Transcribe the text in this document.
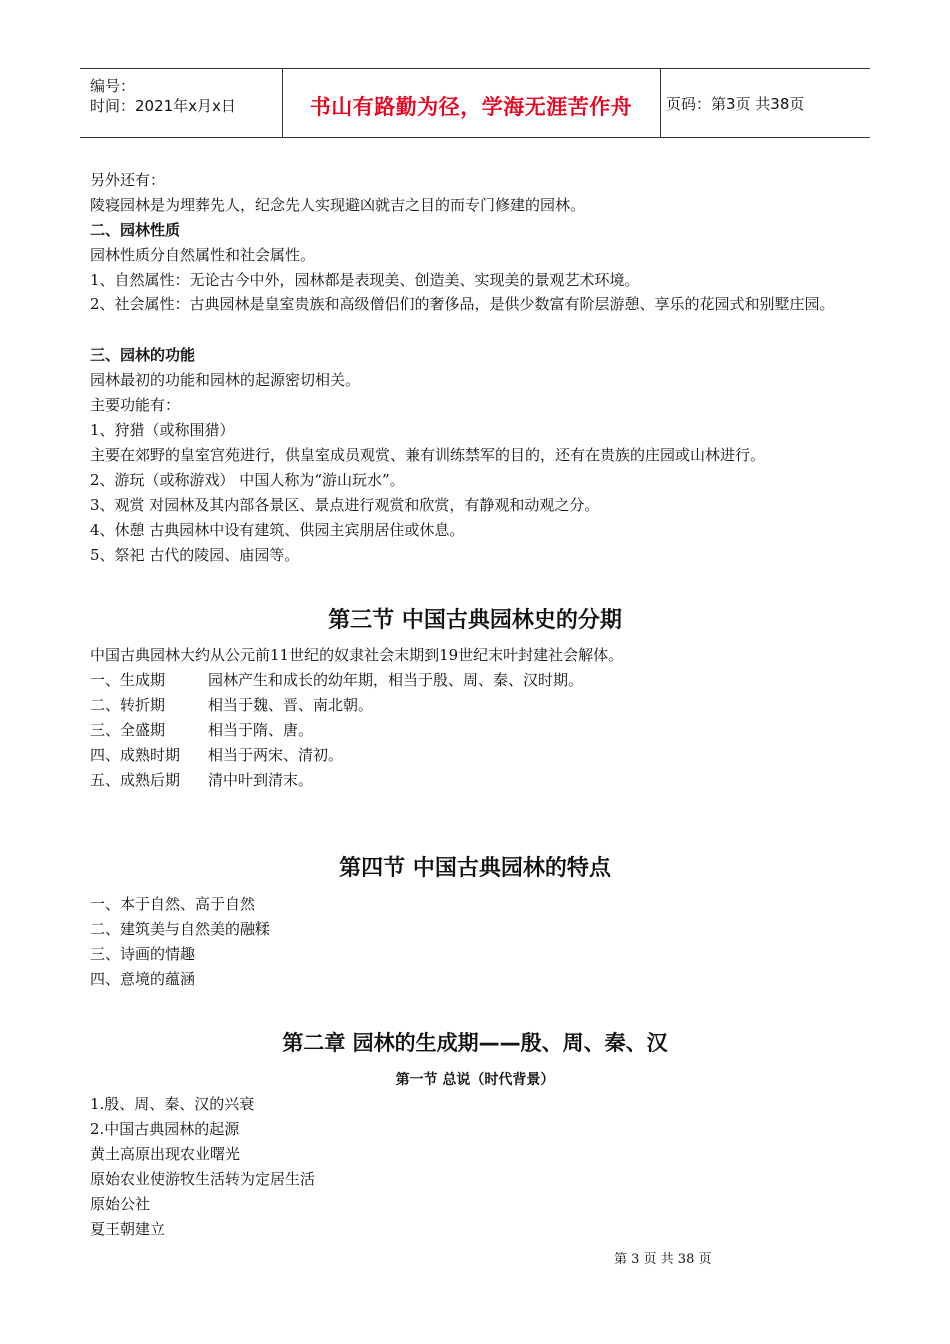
编号：
时间：2021年x月x日	书山有路勤为径，学海无涯苦作舟	页码：第3页 共38页
另外还有：
陵寝园林是为埋葬先人，纪念先人实现避凶就吉之目的而专门修建的园林。
二、园林性质
园林性质分自然属性和社会属性。
1、自然属性：无论古今中外，园林都是表现美、创造美、实现美的景观艺术环境。
2、社会属性：古典园林是皇室贵族和高级僧侣们的奢侈品，是供少数富有阶层游憩、享乐的花园式和别墅庄园。
三、园林的功能
园林最初的功能和园林的起源密切相关。
主要功能有：
1、狩猎（或称围猎）
主要在郊野的皇室宫苑进行，供皇室成员观赏、兼有训练禁军的目的，还有在贵族的庄园或山林进行。
2、游玩（或称游戏） 中国人称为“游山玩水”。
3、观赏 对园林及其内部各景区、景点进行观赏和欣赏，有静观和动观之分。
4、休憩 古典园林中设有建筑、供园主宾朋居住或休息。
5、祭祀 古代的陵园、庙园等。
第三节 中国古典园林史的分期
中国古典园林大约从公元前11世纪的奴隶社会末期到19世纪末叶封建社会解体。
一、生成期	园林产生和成长的幼年期，相当于殷、周、秦、汉时期。
二、转折期	相当于魏、晋、南北朝。
三、全盛期	相当于隋、唐。
四、成熟时期 相当于两宋、清初。
五、成熟后期 清中叶到清末。
第四节 中国古典园林的特点
一、本于自然、高于自然
二、建筑美与自然美的融糅
三、诗画的情趣
四、意境的蕴涵
第二章 园林的生成期——殷、周、秦、汉
第一节 总说（时代背景）
1.殷、周、秦、汉的兴衰
2.中国古典园林的起源
黄土高原出现农业曙光
原始农业使游牧生活转为定居生活
原始公社
夏王朝建立
第 3 页 共 38 页
